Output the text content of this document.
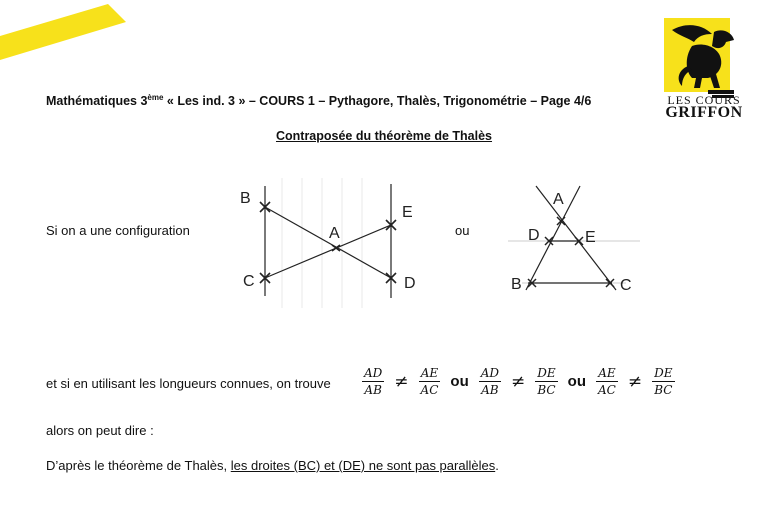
LES COURS
GRIFFON
Mathématiques 3ème « Les ind. 3 » – COURS 1 – Pythagore, Thalès, Trigonométrie – Page 4/6
Contraposée du théorème de Thalès
Si on a une configuration	ou
B
E
A
C	D
A
D	E
B	C
et si en utilisant les longueurs connues, on trouve	$\frac{AD}{AB} \ne \frac{AE}{AC}$ ou $\frac{AD}{AB} \ne \frac{DE}{BC}$ ou $\frac{AE}{AC} \ne \frac{DE}{BC}$
alors on peut dire :
D’après le théorème de Thalès, les droites (BC) et (DE) ne sont pas parallèles.
